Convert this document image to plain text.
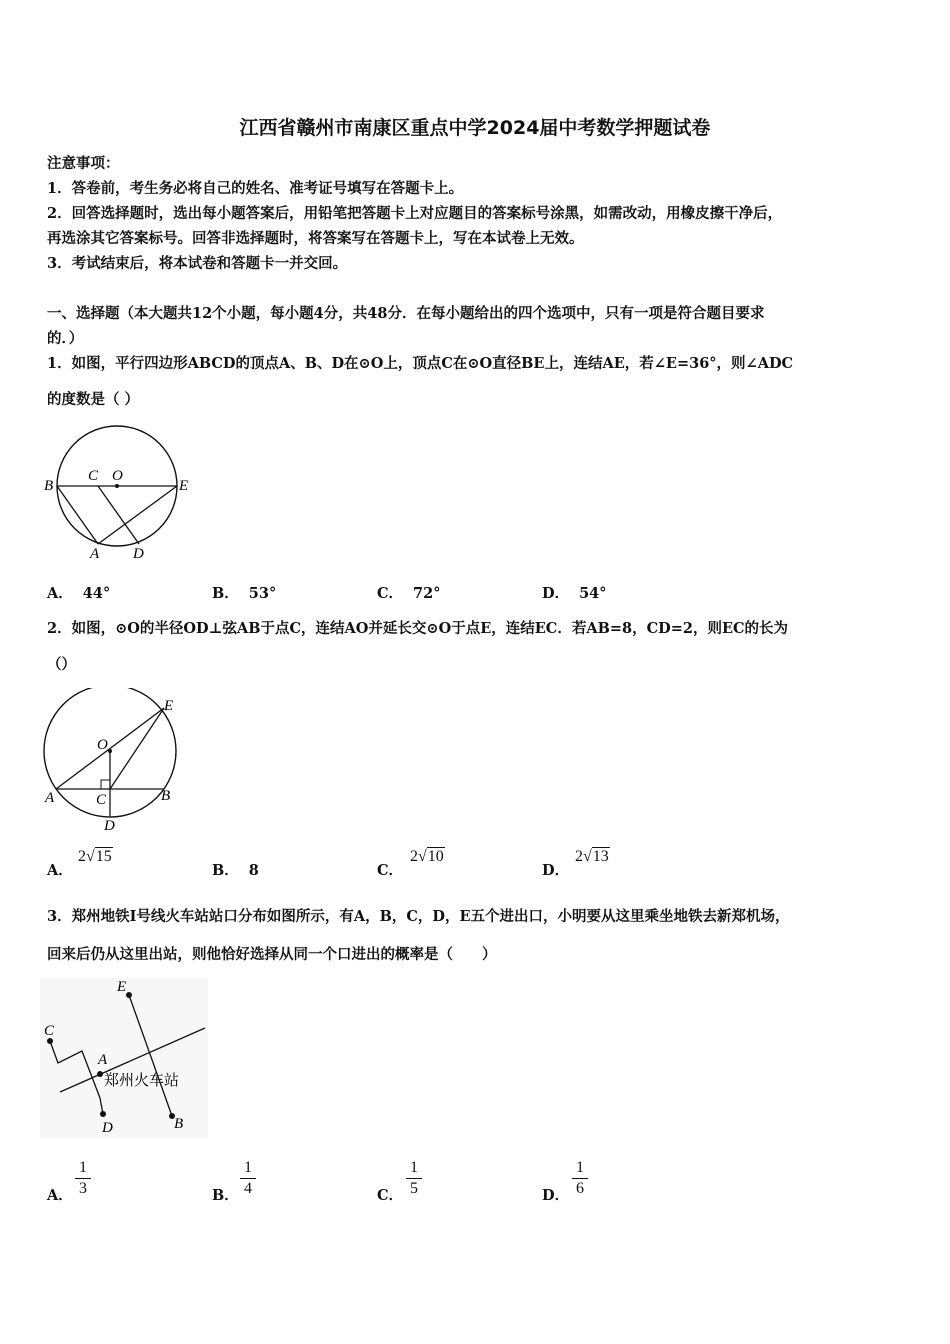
江西省赣州市南康区重点中学2024届中考数学押题试卷
注意事项：
1．答卷前，考生务必将自己的姓名、准考证号填写在答题卡上。
2．回答选择题时，选出每小题答案后，用铅笔把答题卡上对应题目的答案标号涂黑，如需改动，用橡皮擦干净后，
再选涂其它答案标号。回答非选择题时，将答案写在答题卡上，写在本试卷上无效。
3．考试结束后，将本试卷和答题卡一并交回。
一、选择题（本大题共12个小题，每小题4分，共48分．在每小题给出的四个选项中，只有一项是符合题目要求
的．）
1．如图，平行四边形ABCD的顶点A、B、D在⊙O上，顶点C在⊙O直径BE上，连结AE，若∠E=36°，则∠ADC
的度数是（ ）
B
C O
E
A D
A． 44°	B． 53°	C． 72°	D． 54°
2．如图，⊙O的半径OD⊥弦AB于点C，连结AO并延长交⊙O于点E，连结EC．若AB=8，CD=2，则EC的长为
（）
E
O
A	C	B
D
A．
2√15
B． 8	C．
2√10
D．
2√13
3．郑州地铁Ⅰ号线火车站站口分布如图所示，有A，B，C，D，E五个进出口，小明要从这里乘坐地铁去新郑机场，
回来后仍从这里出站，则他恰好选择从同一个口进出的概率是（　　）
E
C
A
D	B
郑州火车站
A． $\frac{1}{3}$	B． $\frac{1}{4}$	C． $\frac{1}{5}$	D． $\frac{1}{6}$
